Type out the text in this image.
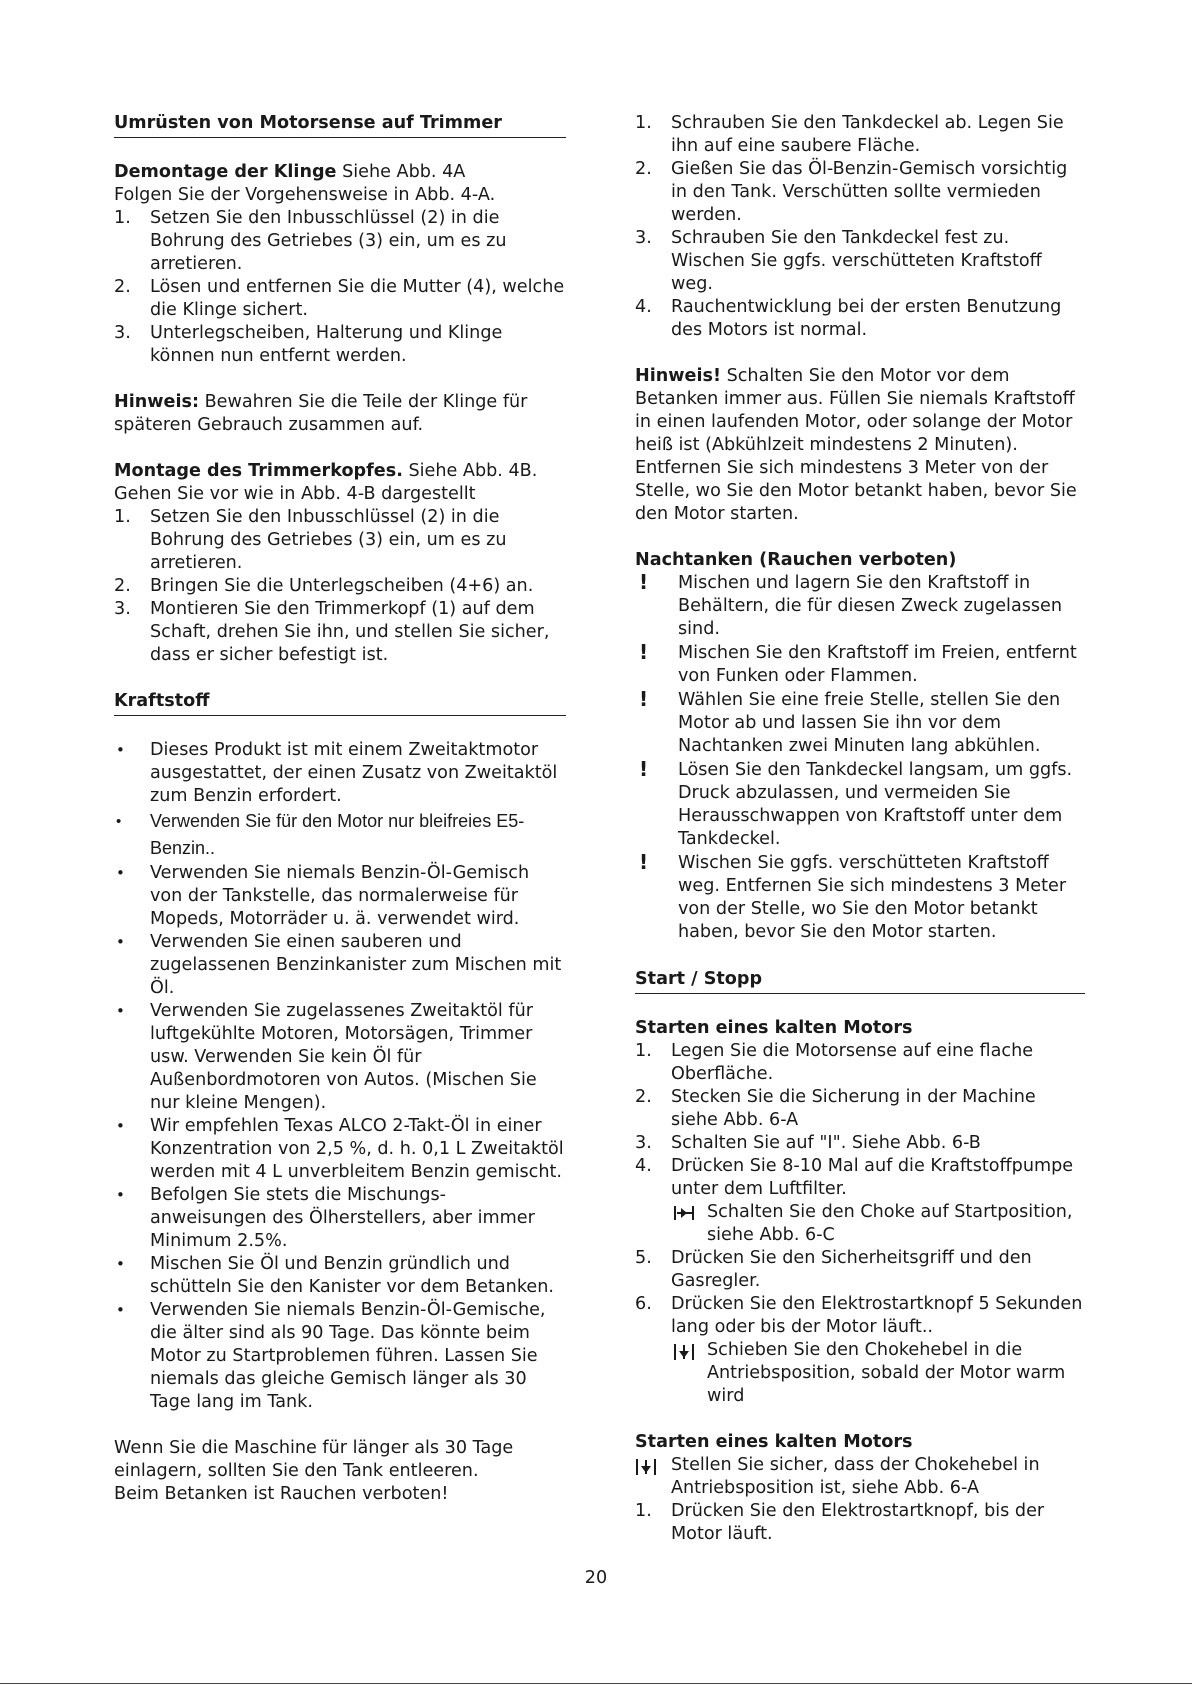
Umrüsten von Motorsense auf Trimmer

Demontage der Klinge Siehe Abb. 4A

Folgen Sie der Vorgehensweise in Abb. 4-A.

1. Setzen Sie den Inbusschlüssel (2) in die Bohrung des Getriebes (3) ein, um es zu arretieren.
2. Lösen und entfernen Sie die Mutter (4), welche die Klinge sichert.
3. Unterlegscheiben, Halterung und Klinge können nun entfernt werden.

Hinweis: Bewahren Sie die Teile der Klinge für späteren Gebrauch zusammen auf.

Montage des Trimmerkopfes. Siehe Abb. 4B.

Gehen Sie vor wie in Abb. 4-B dargestellt

1. Setzen Sie den Inbusschlüssel (2) in die Bohrung des Getriebes (3) ein, um es zu arretieren.
2. Bringen Sie die Unterlegscheiben (4+6) an.
3. Montieren Sie den Trimmerkopf (1) auf dem Schaft, drehen Sie ihn, und stellen Sie sicher, dass er sicher befestigt ist.
Kraftstoff
• Dieses Produkt ist mit einem Zweitaktmotor ausgestattet, der einen Zusatz von Zweitaktöl zum Benzin erfordert.
• Verwenden Sie für den Motor nur bleifreies E5-Benzin..
• Verwenden Sie niemals Benzin-Öl-Gemisch von der Tankstelle, das normalerweise für Mopeds, Motorräder u. ä. verwendet wird.
• Verwenden Sie einen sauberen und zugelassenen Benzinkanister zum Mischen mit Öl.
• Verwenden Sie zugelassenes Zweitaktöl für luftgekühlte Motoren, Motorsägen, Trimmer usw. Verwenden Sie kein Öl für Außenbordmotoren von Autos. (Mischen Sie nur kleine Mengen).
• Wir empfehlen Texas ALCO 2-Takt-Öl in einer Konzentration von 2,5 %, d. h. 0,1 L Zweitaktöl werden mit 4 L unverbleitem Benzin gemischt.
• Befolgen Sie stets die Mischungs- anweisungen des Ölherstellers, aber immer Minimum 2.5%.
• Mischen Sie Öl und Benzin gründlich und schütteln Sie den Kanister vor dem Betanken.
• Verwenden Sie niemals Benzin-Öl-Gemische, die älter sind als 90 Tage. Das könnte beim Motor zu Startproblemen führen. Lassen Sie niemals das gleiche Gemisch länger als 30 Tage lang im Tank.

Wenn Sie die Maschine für länger als 30 Tage einlagern, sollten Sie den Tank entleeren.

Beim Betanken ist Rauchen verboten!

1. Schrauben Sie den Tankdeckel ab. Legen Sie ihn auf eine saubere Fläche.
2. Gießen Sie das Öl-Benzin-Gemisch vorsichtig in den Tank. Verschütten sollte vermieden werden.
3. Schrauben Sie den Tankdeckel fest zu. Wischen Sie ggfs. verschütteten Kraftstoff weg.
4. Rauchentwicklung bei der ersten Benutzung des Motors ist normal.

Hinweis! Schalten Sie den Motor vor dem Betanken immer aus. Füllen Sie niemals Kraftstoff in einen laufenden Motor, oder solange der Motor heiß ist (Abkühlzeit mindestens 2 Minuten). Entfernen Sie sich mindestens 3 Meter von der Stelle, wo Sie den Motor betankt haben, bevor Sie den Motor starten.

Nachtanken (Rauchen verboten)

! Mischen und lagern Sie den Kraftstoff in Behältern, die für diesen Zweck zugelassen sind.
! Mischen Sie den Kraftstoff im Freien, entfernt von Funken oder Flammen.
! Wählen Sie eine freie Stelle, stellen Sie den Motor ab und lassen Sie ihn vor dem Nachtanken zwei Minuten lang abkühlen.
! Lösen Sie den Tankdeckel langsam, um ggfs. Druck abzulassen, und vermeiden Sie Herausschwappen von Kraftstoff unter dem Tankdeckel.
! Wischen Sie ggfs. verschütteten Kraftstoff weg. Entfernen Sie sich mindestens 3 Meter von der Stelle, wo Sie den Motor betankt haben, bevor Sie den Motor starten.
Start / Stopp

Starten eines kalten Motors

1. Legen Sie die Motorsense auf eine flache Oberfläche.
2. Stecken Sie die Sicherung in der Machine siehe Abb. 6-A
3. Schalten Sie auf "I". Siehe Abb. 6-B
4. Drücken Sie 8-10 Mal auf die Kraftstoffpumpe unter dem Luftfilter.
Schalten Sie den Choke auf Startposition, siehe Abb. 6-C
5. Drücken Sie den Sicherheitsgriff und den Gasregler.
6. Drücken Sie den Elektrostartknopf 5 Sekunden lang oder bis der Motor läuft..
Schieben Sie den Chokehebel in die Antriebsposition, sobald der Motor warm wird

Starten eines kalten Motors

Stellen Sie sicher, dass der Chokehebel in Antriebsposition ist, siehe Abb. 6-A
1. Drücken Sie den Elektrostartknopf, bis der Motor läuft.
20
